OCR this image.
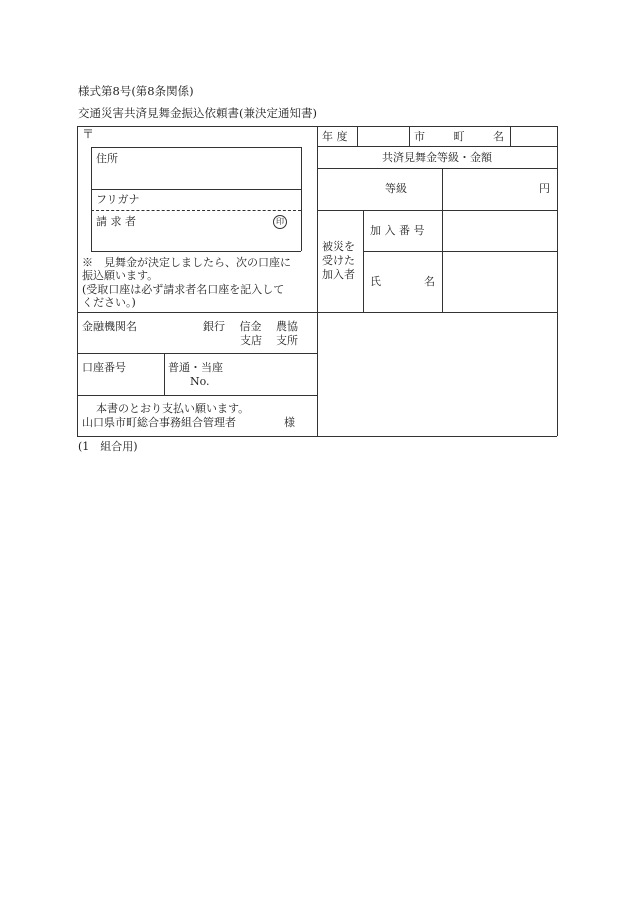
様式第8号(第8条関係)
交通災害共済見舞金振込依頼書(兼決定通知書)
〒
住所
フリガナ
請 求 者	印
※　見舞金が決定しましたら、次の口座に
振込願います。
(受取口座は必ず請求者名口座を記入して
ください。)
金融機関名	銀行 信金 農協
支店 支所
口座番号	普通・当座
No.
本書のとおり支払い願います。
山口県市町総合事務組合管理者	様
年 度	市	町	名
共済見舞金等級・金額
等級	円
被災を
受けた
加入者
加 入 番 号
氏	名
(1　組合用)
